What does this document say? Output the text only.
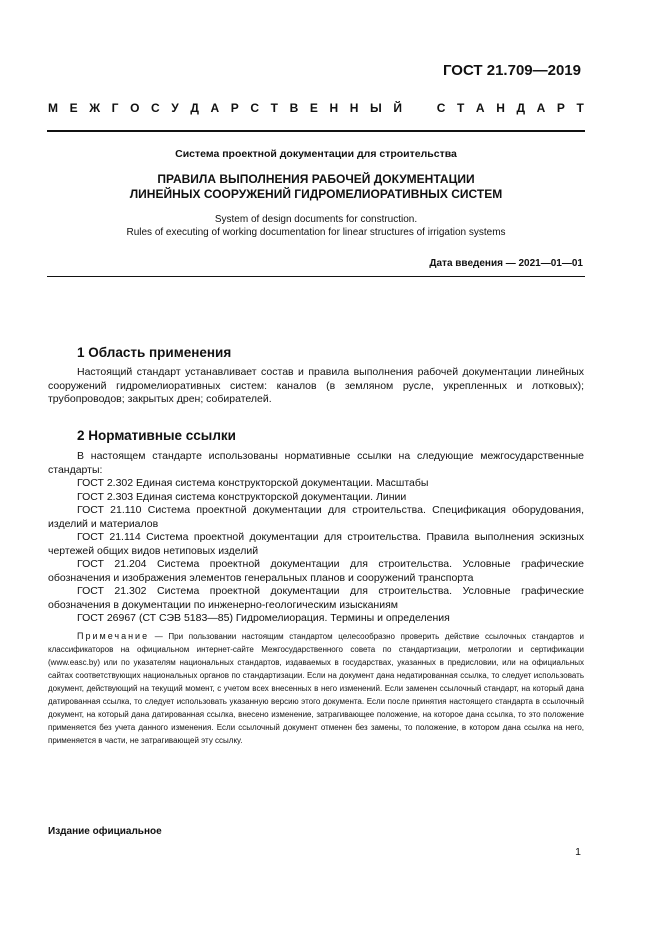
ГОСТ 21.709—2019
М Е Ж Г О С У Д А Р С Т В Е Н Н Ы Й	С Т А Н Д А Р Т
Система проектной документации для строительства
ПРАВИЛА ВЫПОЛНЕНИЯ РАБОЧЕЙ ДОКУМЕНТАЦИИ
ЛИНЕЙНЫХ СООРУЖЕНИЙ ГИДРОМЕЛИОРАТИВНЫХ СИСТЕМ
System of design documents for construction.
Rules of executing of working documentation for linear structures of irrigation systems
Дата введения — 2021—01—01
1 Область применения
Настоящий стандарт устанавливает состав и правила выполнения рабочей документации линейных сооружений гидромелиоративных систем: каналов (в земляном русле, укрепленных и лотковых); трубопроводов; закрытых дрен; собирателей.
2 Нормативные ссылки
В настоящем стандарте использованы нормативные ссылки на следующие межгосударственные стандарты:
ГОСТ 2.302 Единая система конструкторской документации. Масштабы
ГОСТ 2.303 Единая система конструкторской документации. Линии
ГОСТ 21.110 Система проектной документации для строительства. Спецификация оборудования, изделий и материалов
ГОСТ 21.114 Система проектной документации для строительства. Правила выполнения эскизных чертежей общих видов нетиповых изделий
ГОСТ 21.204 Система проектной документации для строительства. Условные графические обозначения и изображения элементов генеральных планов и сооружений транспорта
ГОСТ 21.302 Система проектной документации для строительства. Условные графические обозначения в документации по инженерно-геологическим изысканиям
ГОСТ 26967 (СТ СЭВ 5183—85) Гидромелиорация. Термины и определения
Примечание — При пользовании настоящим стандартом целесообразно проверить действие ссылочных стандартов и классификаторов на официальном интернет-сайте Межгосударственного совета по стандартизации, метрологии и сертификации (www.easc.by) или по указателям национальных стандартов, издаваемых в государствах, указанных в предисловии, или на официальных сайтах соответствующих национальных органов по стандартизации. Если на документ дана недатированная ссылка, то следует использовать документ, действующий на текущий момент, с учетом всех внесенных в него изменений. Если заменен ссылочный стандарт, на который дана датированная ссылка, то следует использовать указанную версию этого документа. Если после принятия настоящего стандарта в ссылочный документ, на который дана датированная ссылка, внесено изменение, затрагивающее положение, на которое дана ссылка, то это положение применяется без учета данного изменения. Если ссылочный документ отменен без замены, то положение, в котором дана ссылка на него, применяется в части, не затрагивающей эту ссылку.
Издание официальное
1
